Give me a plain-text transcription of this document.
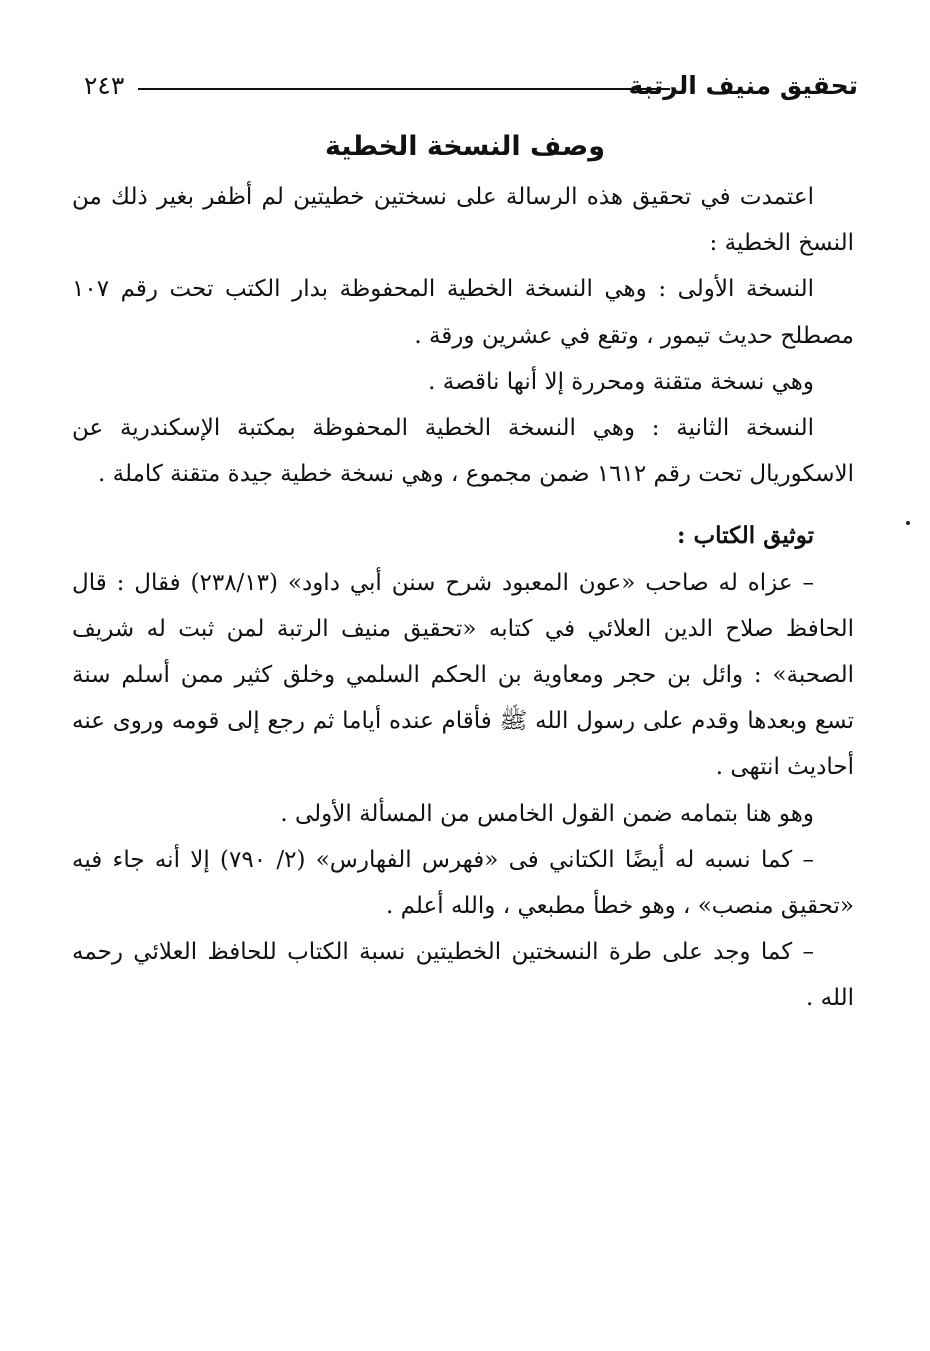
تحقيق منيف الرتبة
٢٤٣
وصف النسخة الخطية

اعتمدت في تحقيق هذه الرسالة على نسختين خطيتين لم أظفر بغير ذلك من النسخ الخطية :

النسخة الأولى : وهي النسخة الخطية المحفوظة بدار الكتب تحت رقم ١٠٧ مصطلح حديث تيمور ، وتقع في عشرين ورقة .

وهي نسخة متقنة ومحررة إلا أنها ناقصة .

النسخة الثانية : وهي النسخة الخطية المحفوظة بمكتبة الإسكندرية عن الاسكوريال تحت رقم ١٦١٢ ضمن مجموع ، وهي نسخة خطية جيدة متقنة كاملة .

توثيق الكتاب :

– عزاه له صاحب «عون المعبود شرح سنن أبي داود» (٢٣٨/١٣) فقال : قال الحافظ صلاح الدين العلائي في كتابه «تحقيق منيف الرتبة لمن ثبت له شريف الصحبة» : وائل بن حجر ومعاوية بن الحكم السلمي وخلق كثير ممن أسلم سنة تسع وبعدها وقدم على رسول الله ﷺ فأقام عنده أياما ثم رجع إلى قومه وروى عنه أحاديث انتهى .

وهو هنا بتمامه ضمن القول الخامس من المسألة الأولى .

– كما نسبه له أيضًا الكتاني فى «فهرس الفهارس» (٢/ ٧٩٠) إلا أنه جاء فيه «تحقيق منصب» ، وهو خطأ مطبعي ، والله أعلم .

– كما وجد على طرة النسختين الخطيتين نسبة الكتاب للحافظ العلائي رحمه الله .
